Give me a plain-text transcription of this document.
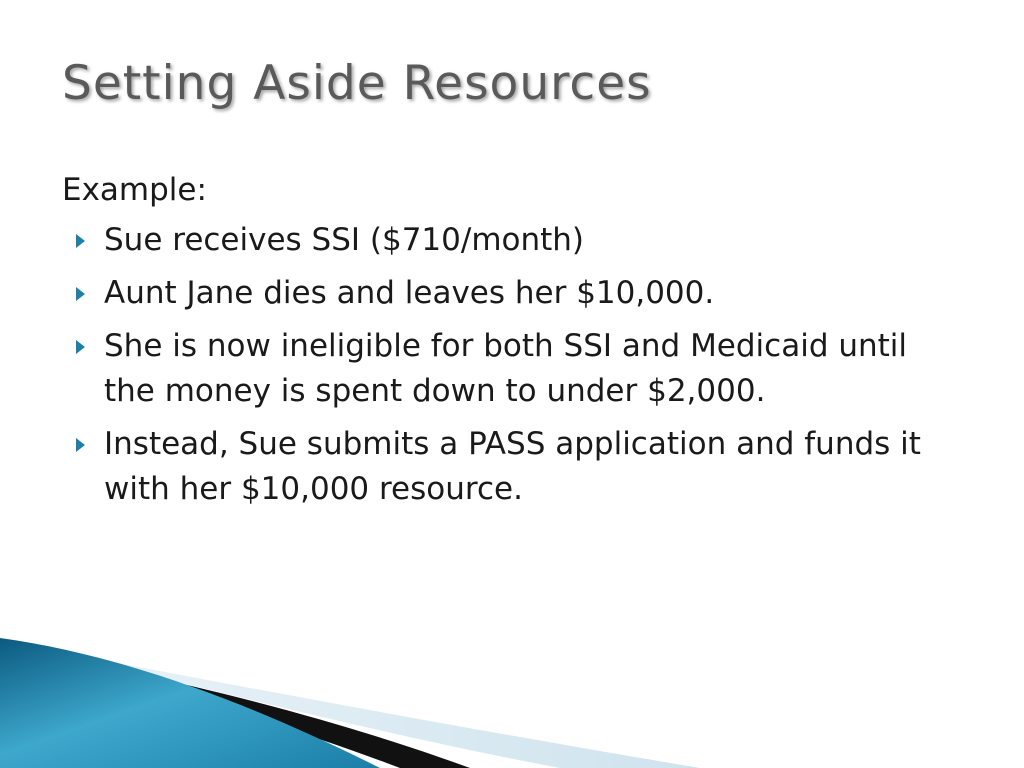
Setting Aside Resources

Example:

Sue receives SSI ($710/month)
Aunt Jane dies and leaves her $10,000.
She is now ineligible for both SSI and Medicaid until the money is spent down to under $2,000.
Instead, Sue submits a PASS application and funds it with her $10,000 resource.
